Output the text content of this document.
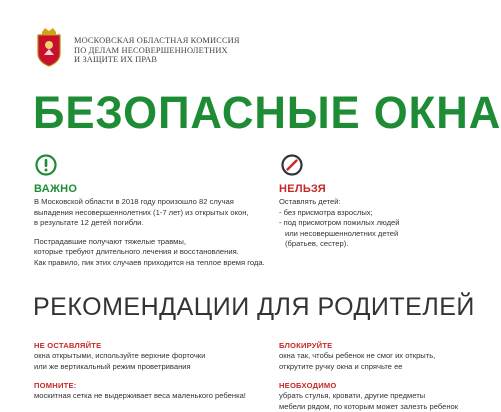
МОСКОВСКАЯ ОБЛАСТНАЯ КОМИССИЯ
ПО ДЕЛАМ НЕСОВЕРШЕННОЛЕТНИХ
И ЗАЩИТЕ ИХ ПРАВ
БЕЗОПАСНЫЕ ОКНА
ВАЖНО
В Московской области в 2018 году произошло 82 случая
выпадения несовершеннолетних (1-7 лет) из открытых окон,
в результате 12 детей погибли.
Пострадавшие получают тяжелые травмы,
которые требуют длительного лечения и восстановления.
Как правило, пик этих случаев приходится на теплое время года.
НЕЛЬЗЯ
Оставлять детей:
- без присмотра взрослых;
- под присмотром пожилых людей
или несовершеннолетних детей
(братьев, сестер).
РЕКОМЕНДАЦИИ ДЛЯ РОДИТЕЛЕЙ
НЕ ОСТАВЛЯЙТЕ
окна открытыми, используйте верхние форточки
или же вертикальный режим проветривания
ПОМНИТЕ:
москитная сетка не выдерживает веса маленького ребенка!
БЛОКИРУЙТЕ
окна так, чтобы ребенок не смог их открыть,
открутите ручку окна и спрячьте ее
НЕОБХОДИМО
убрать стулья, кровати, другие предметы
мебели рядом, по которым может залезть ребенок
